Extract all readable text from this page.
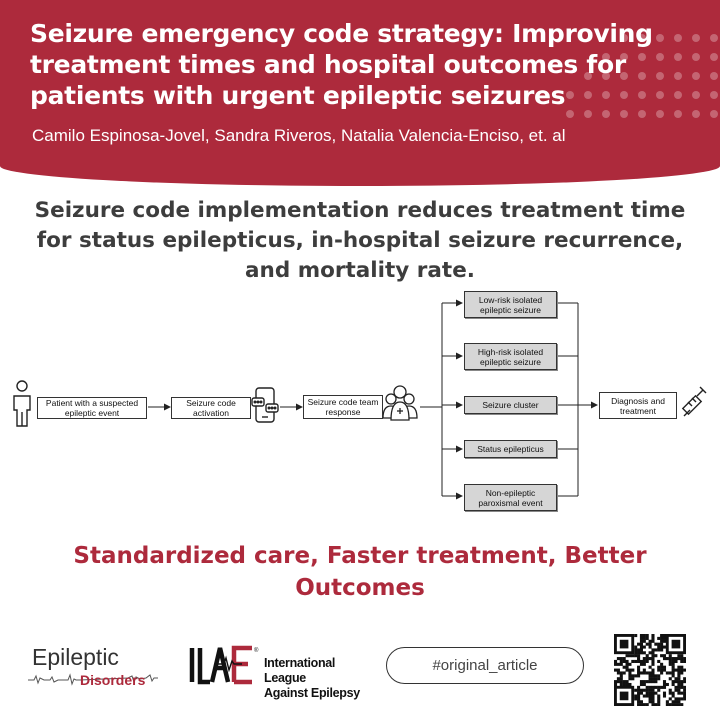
Seizure emergency code strategy: Improving treatment times and hospital outcomes for patients with urgent epileptic seizures
Camilo Espinosa-Jovel, Sandra Riveros, Natalia Valencia-Enciso, et. al
Seizure code implementation reduces treatment time for status epilepticus, in-hospital seizure recurrence, and mortality rate.
Patient with a suspected epileptic event
Seizure code activation
Seizure code team response
Low-risk isolated epileptic seizure
High-risk isolated epileptic seizure
Seizure cluster
Status epilepticus
Non-epileptic paroxismal event
Diagnosis and treatment
Standardized care, Faster treatment, Better Outcomes
Epileptic
Disorders
®
International League
Against Epilepsy
#original_article
